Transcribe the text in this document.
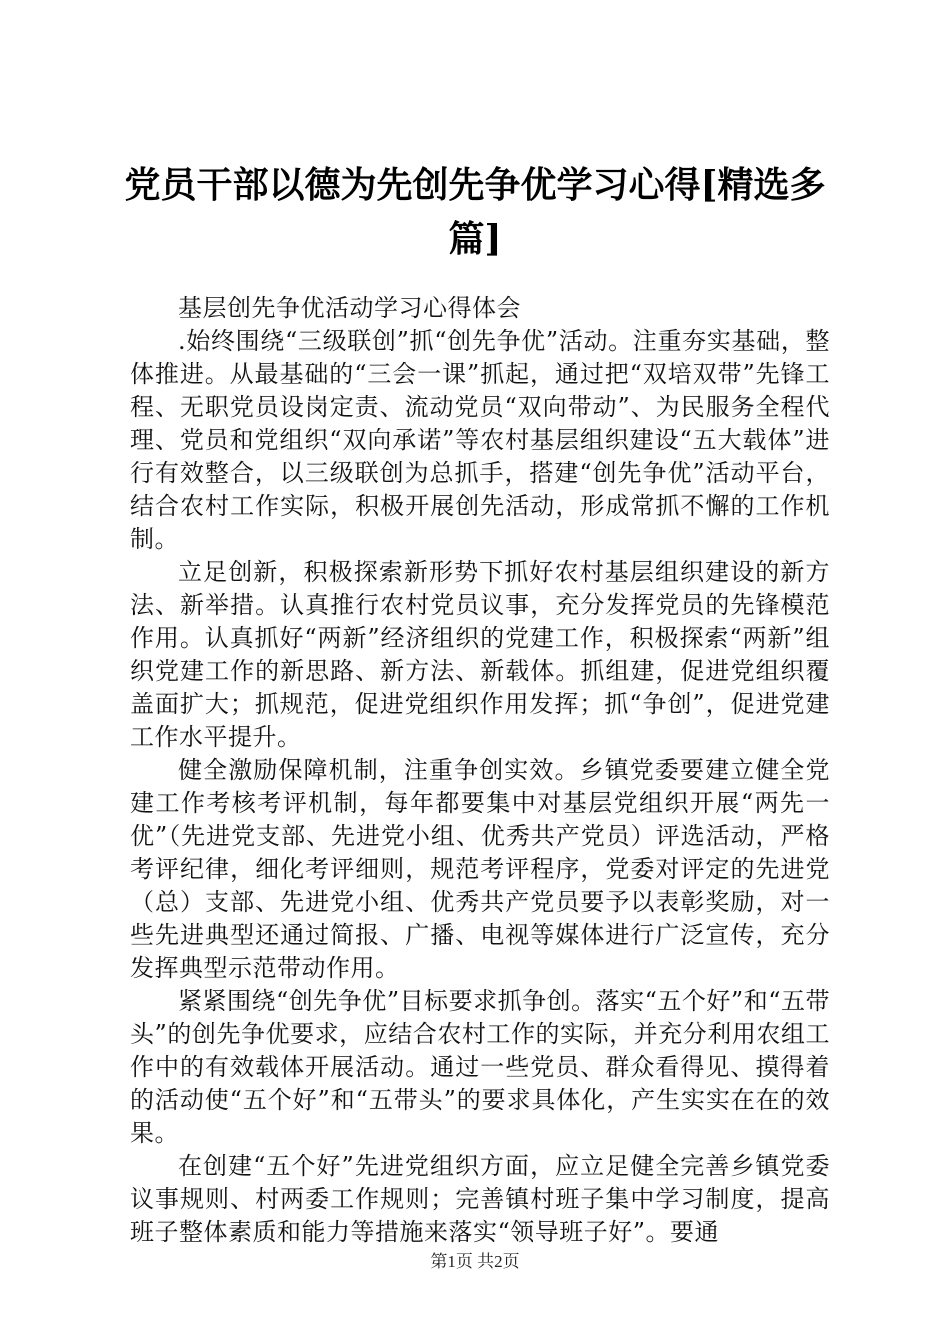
党员干部以德为先创先争优学习心得[精选多篇]

基层创先争优活动学习心得体会

.始终围绕“三级联创”抓“创先争优”活动。注重夯实基础，整体推进。从最基础的“三会一课”抓起，通过把“双培双带”先锋工程、无职党员设岗定责、流动党员“双向带动”、为民服务全程代理、党员和党组织“双向承诺”等农村基层组织建设“五大载体”进行有效整合，以三级联创为总抓手，搭建“创先争优”活动平台，结合农村工作实际，积极开展创先活动，形成常抓不懈的工作机制。

立足创新，积极探索新形势下抓好农村基层组织建设的新方法、新举措。认真推行农村党员议事，充分发挥党员的先锋模范作用。认真抓好“两新”经济组织的党建工作，积极探索“两新”组织党建工作的新思路、新方法、新载体。抓组建，促进党组织覆盖面扩大；抓规范，促进党组织作用发挥；抓“争创”，促进党建工作水平提升。

健全激励保障机制，注重争创实效。乡镇党委要建立健全党建工作考核考评机制，每年都要集中对基层党组织开展“两先一优”（先进党支部、先进党小组、优秀共产党员）评选活动，严格考评纪律，细化考评细则，规范考评程序，党委对评定的先进党（总）支部、先进党小组、优秀共产党员要予以表彰奖励，对一些先进典型还通过简报、广播、电视等媒体进行广泛宣传，充分发挥典型示范带动作用。

紧紧围绕“创先争优”目标要求抓争创。落实“五个好”和“五带头”的创先争优要求，应结合农村工作的实际，并充分利用农组工作中的有效载体开展活动。通过一些党员、群众看得见、摸得着的活动使“五个好”和“五带头”的要求具体化，产生实实在在的效果。

在创建“五个好”先进党组织方面，应立足健全完善乡镇党委议事规则、村两委工作规则；完善镇村班子集中学习制度，提高班子整体素质和能力等措施来落实“领导班子好”。要通

第1页 共2页
